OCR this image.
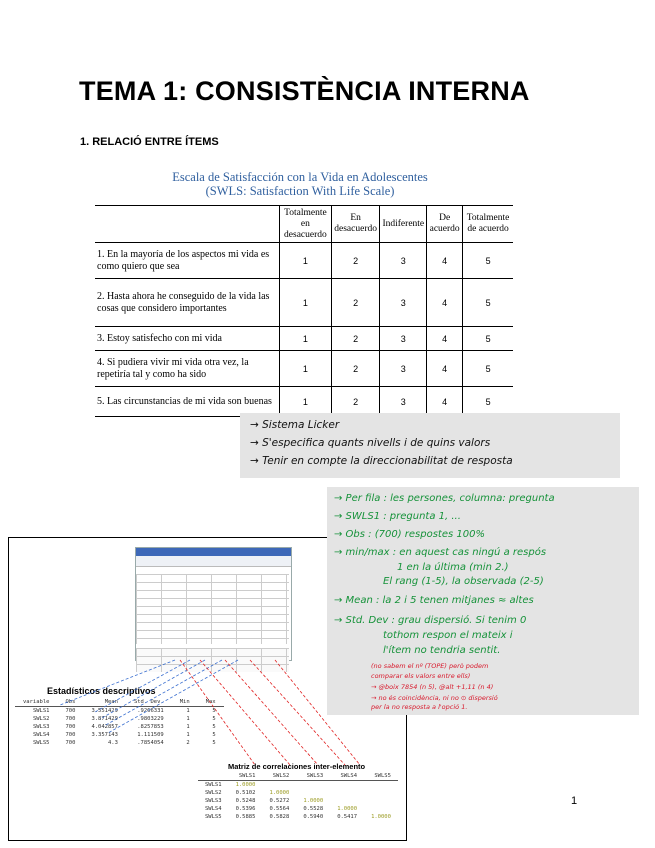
TEMA 1: CONSISTÈNCIA INTERNA
1. RELACIÓ ENTRE ÍTEMS
Escala de Satisfacción con la Vida en Adolescentes
(SWLS: Satisfaction With Life Scale)
	Totalmente en desacuerdo	En desacuerdo	Indiferente	De acuerdo	Totalmente de acuerdo
1. En la mayoría de los aspectos mi vida es como quiero que sea	1	2	3	4	5
2. Hasta ahora he conseguido de la vida las cosas que considero importantes	1	2	3	4	5
3. Estoy satisfecho con mi vida	1	2	3	4	5
4. Si pudiera vivir mi vida otra vez, la repetiría tal y como ha sido	1	2	3	4	5
5. Las circunstancias de mi vida son buenas	1	2	3	4	5
→ Sistema Licker
→ S'especifica quants nivells i de quins valors
→ Tenir en compte la direccionabilitat de resposta
Estadísticos descriptivos
variable	Obs	Mean	Std. Dev.	Min	Max
SWLS1	700	3.551429	.9266331	1	5
SWLS2	700	3.871429	.9803229	1	5
SWLS3	700	4.042857	.8257853	1	5
SWLS4	700	3.357143	1.111509	1	5
SWLS5	700	4.3	.7854054	2	5
Matriz de correlaciones inter-elemento
	SWLS1	SWLS2	SWLS3	SWLS4	SWLS5
SWLS1	1.0000				
SWLS2	0.5102	1.0000			
SWLS3	0.5248	0.5272	1.0000		
SWLS4	0.5396	0.5564	0.5528	1.0000	
SWLS5	0.5885	0.5828	0.5940	0.5417	1.0000
→ Per fila : les persones, columna: pregunta
→ SWLS1 : pregunta 1, ...
→ Obs : (700) respostes 100%
→ min/max : en aquest cas ningú a respós
1 en la última (min 2.)
El rang (1-5), la observada (2-5)
→ Mean : la 2 i 5 tenen mitjanes ≈ altes
→ Std. Dev : grau dispersió. Si tenim 0
tothom respon el mateix i
l'ítem no tendria sentit.
(no sabem el nº (TOPE) però podem
comparar els valors entre ells)
→ @boix 7854 (n 5), @alt +1,11 (n 4)
→ no és coincidència, ni no ⊙ dispersió
per la no resposta a l'opció 1.
1
